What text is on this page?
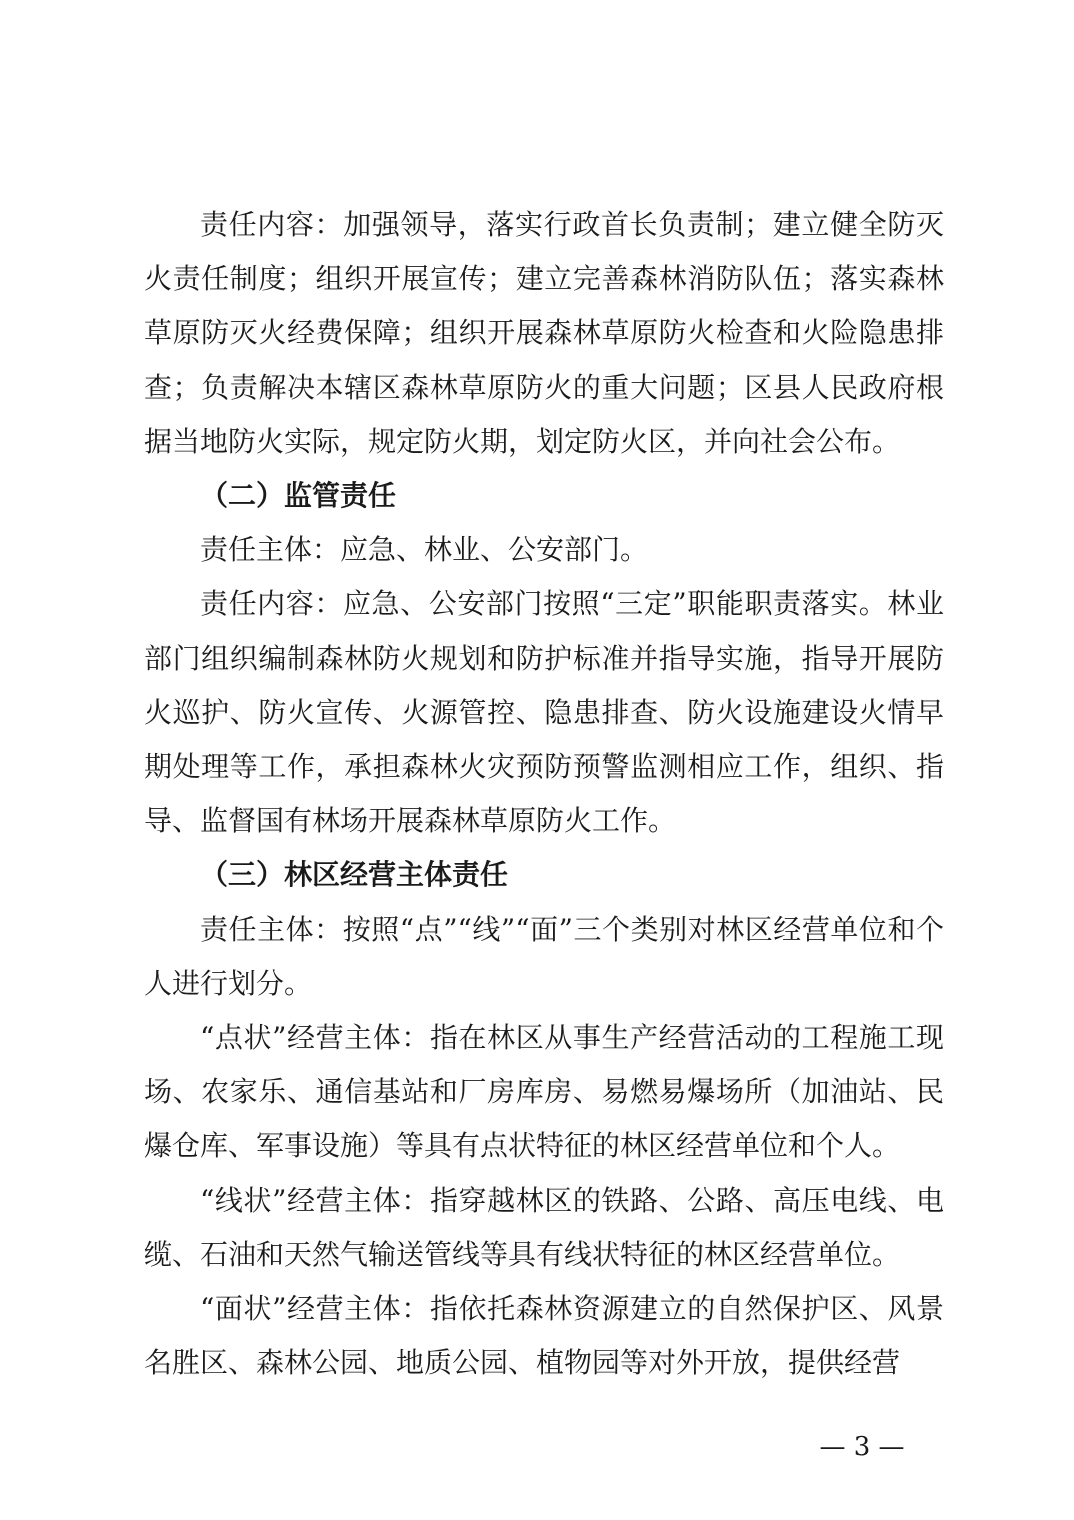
责任内容：加强领导，落实行政首长负责制；建立健全防灭火责任制度；组织开展宣传；建立完善森林消防队伍；落实森林草原防灭火经费保障；组织开展森林草原防火检查和火险隐患排查；负责解决本辖区森林草原防火的重大问题；区县人民政府根据当地防火实际，规定防火期，划定防火区，并向社会公布。

（二）监管责任

责任主体：应急、林业、公安部门。

责任内容：应急、公安部门按照“三定”职能职责落实。林业部门组织编制森林防火规划和防护标准并指导实施，指导开展防火巡护、防火宣传、火源管控、隐患排查、防火设施建设火情早期处理等工作，承担森林火灾预防预警监测相应工作，组织、指导、监督国有林场开展森林草原防火工作。

（三）林区经营主体责任

责任主体：按照“点”“线”“面”三个类别对林区经营单位和个人进行划分。

“点状”经营主体：指在林区从事生产经营活动的工程施工现场、农家乐、通信基站和厂房库房、易燃易爆场所（加油站、民爆仓库、军事设施）等具有点状特征的林区经营单位和个人。

“线状”经营主体：指穿越林区的铁路、公路、高压电线、电缆、石油和天然气输送管线等具有线状特征的林区经营单位。

“面状”经营主体：指依托森林资源建立的自然保护区、风景名胜区、森林公园、地质公园、植物园等对外开放，提供经营

— 3 —
